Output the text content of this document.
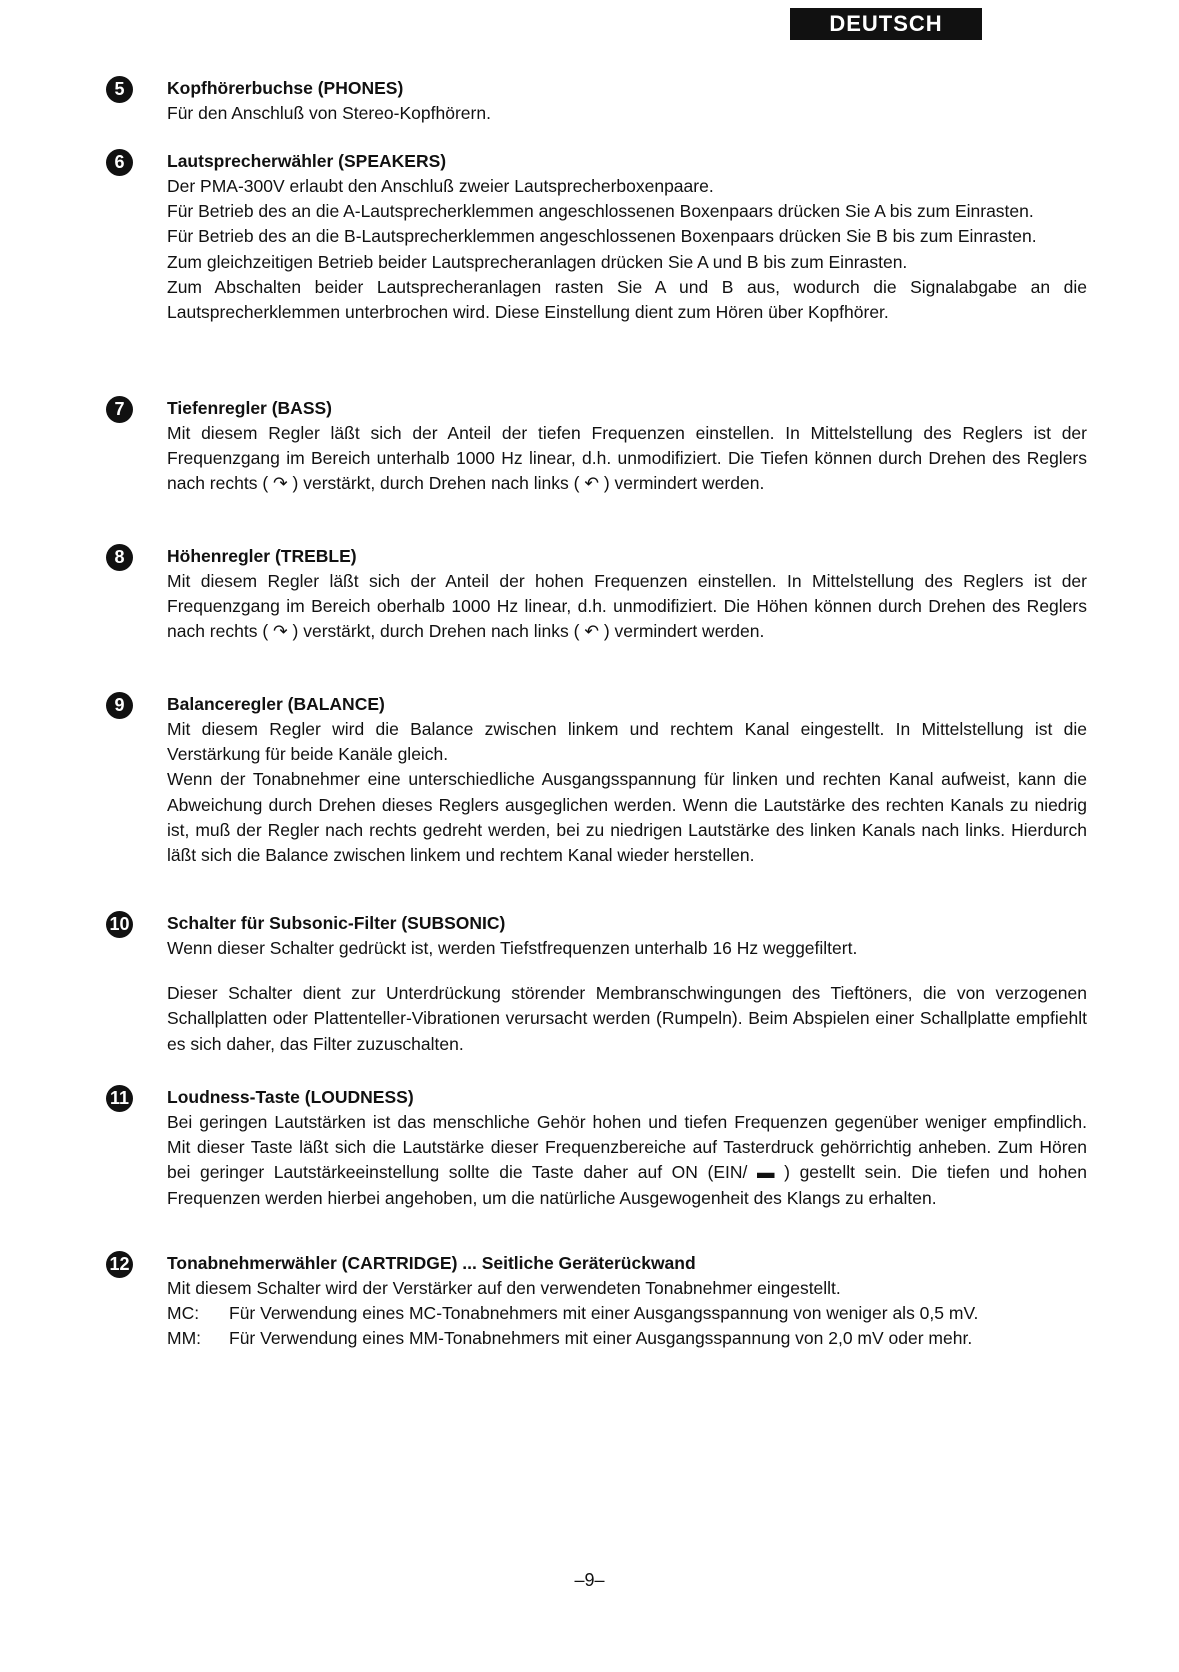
DEUTSCH
5	Kopfhörerbuchse (PHONES)

Für den Anschluß von Stereo-Kopfhörern.

6	Lautsprecherwähler (SPEAKERS)

Der PMA-300V erlaubt den Anschluß zweier Lautsprecherboxenpaare.

Für Betrieb des an die A-Lautsprecherklemmen angeschlossenen Boxenpaars drücken Sie A bis zum Einrasten.

Für Betrieb des an die B-Lautsprecherklemmen angeschlossenen Boxenpaars drücken Sie B bis zum Einrasten.

Zum gleichzeitigen Betrieb beider Lautsprecheranlagen drücken Sie A und B bis zum Einrasten.

Zum Abschalten beider Lautsprecheranlagen rasten Sie A und B aus, wodurch die Signalabgabe an die Lautsprecherklemmen unterbrochen wird. Diese Einstellung dient zum Hören über Kopfhörer.

7	Tiefenregler (BASS)

Mit diesem Regler läßt sich der Anteil der tiefen Frequenzen einstellen. In Mittelstellung des Reglers ist der Frequenzgang im Bereich unterhalb 1000 Hz linear, d.h. unmodifiziert. Die Tiefen können durch Drehen des Reglers nach rechts ( ↷ ) verstärkt, durch Drehen nach links ( ↶ ) vermindert werden.

8	Höhenregler (TREBLE)

Mit diesem Regler läßt sich der Anteil der hohen Frequenzen einstellen. In Mittelstellung des Reglers ist der Frequenzgang im Bereich oberhalb 1000 Hz linear, d.h. unmodifiziert. Die Höhen können durch Drehen des Reglers nach rechts ( ↷ ) verstärkt, durch Drehen nach links ( ↶ ) vermindert werden.

9	Balanceregler (BALANCE)

Mit diesem Regler wird die Balance zwischen linkem und rechtem Kanal eingestellt. In Mittelstellung ist die Verstärkung für beide Kanäle gleich.

Wenn der Tonabnehmer eine unterschiedliche Ausgangsspannung für linken und rechten Kanal aufweist, kann die Abweichung durch Drehen dieses Reglers ausgeglichen werden. Wenn die Lautstärke des rechten Kanals zu niedrig ist, muß der Regler nach rechts gedreht werden, bei zu niedrigen Lautstärke des linken Kanals nach links. Hierdurch läßt sich die Balance zwischen linkem und rechtem Kanal wieder herstellen.

10 Schalter für Subsonic-Filter (SUBSONIC)

Wenn dieser Schalter gedrückt ist, werden Tiefstfrequenzen unterhalb 16 Hz weggefiltert.

Dieser Schalter dient zur Unterdrückung störender Membranschwingungen des Tieftöners, die von verzogenen Schallplatten oder Plattenteller-Vibrationen verursacht werden (Rumpeln). Beim Abspielen einer Schallplatte empfiehlt es sich daher, das Filter zuzuschalten.

11 Loudness-Taste (LOUDNESS)

Bei geringen Lautstärken ist das menschliche Gehör hohen und tiefen Frequenzen gegenüber weniger empfindlich. Mit dieser Taste läßt sich die Lautstärke dieser Frequenzbereiche auf Tasterdruck gehörrichtig anheben. Zum Hören bei geringer Lautstärkeeinstellung sollte die Taste daher auf ON (EIN/ ▬ ) gestellt sein. Die tiefen und hohen Frequenzen werden hierbei angehoben, um die natürliche Ausgewogenheit des Klangs zu erhalten.

12 Tonabnehmerwähler (CARTRIDGE) ... Seitliche Geräterückwand

Mit diesem Schalter wird der Verstärker auf den verwendeten Tonabnehmer eingestellt.

MC:	Für Verwendung eines MC-Tonabnehmers mit einer Ausgangsspannung von weniger als 0,5 mV.
MM:	Für Verwendung eines MM-Tonabnehmers mit einer Ausgangsspannung von 2,0 mV oder mehr.
–9–
